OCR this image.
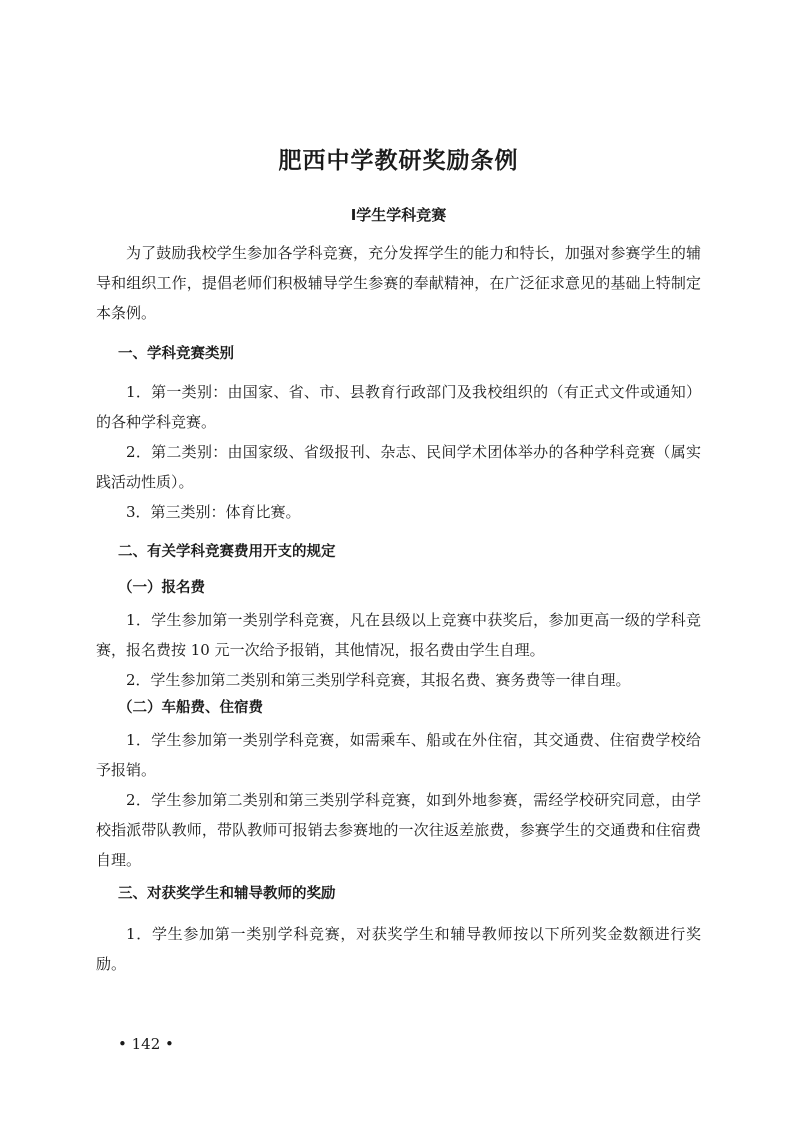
肥西中学教研奖励条例
Ⅰ学生学科竞赛

为了鼓励我校学生参加各学科竞赛，充分发挥学生的能力和特长，加强对参赛学生的辅导和组织工作，提倡老师们积极辅导学生参赛的奉献精神，在广泛征求意见的基础上特制定本条例。

一、学科竞赛类别

1．第一类别：由国家、省、市、县教育行政部门及我校组织的（有正式文件或通知）的各种学科竞赛。

2．第二类别：由国家级、省级报刊、杂志、民间学术团体举办的各种学科竞赛（属实践活动性质）。

3．第三类别：体育比赛。

二、有关学科竞赛费用开支的规定
（一）报名费

1．学生参加第一类别学科竞赛，凡在县级以上竞赛中获奖后，参加更高一级的学科竞赛，报名费按 10 元一次给予报销，其他情况，报名费由学生自理。

2．学生参加第二类别和第三类别学科竞赛，其报名费、赛务费等一律自理。

（二）车船费、住宿费

1．学生参加第一类别学科竞赛，如需乘车、船或在外住宿，其交通费、住宿费学校给予报销。

2．学生参加第二类别和第三类别学科竞赛，如到外地参赛，需经学校研究同意，由学校指派带队教师，带队教师可报销去参赛地的一次往返差旅费，参赛学生的交通费和住宿费自理。

三、对获奖学生和辅导教师的奖励

1．学生参加第一类别学科竞赛，对获奖学生和辅导教师按以下所列奖金数额进行奖励。

• 142 •
